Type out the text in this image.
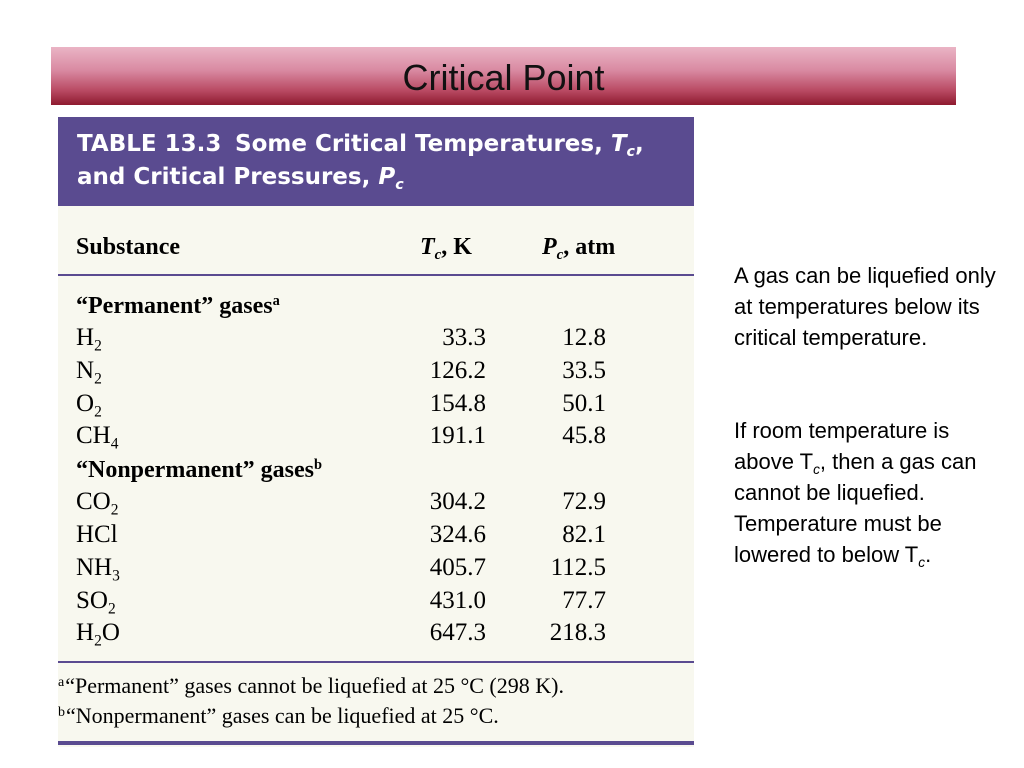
Critical Point
TABLE 13.3 Some Critical Temperatures, $T_c$,
and Critical Pressures, $P_c$
Substance	$T_c$, K	$P_c$, atm
“Permanent” gases$^a$
$H_2$	33.3	12.8
$N_2$	126.2	33.5
$O_2$	154.8	50.1
$CH_4$	191.1	45.8
“Nonpermanent” gases$^b$
$CO_2$	304.2	72.9
HCl	324.6	82.1
$NH_3$	405.7	112.5
$SO_2$	431.0	77.7
$H_2O$	647.3	218.3
$^a$“Permanent” gases cannot be liquefied at 25 °C (298 K).
$^b$“Nonpermanent” gases can be liquefied at 25 °C.
A gas can be liquefied only at temperatures below its critical temperature.
If room temperature is above $T_c$, then a gas can cannot be liquefied. Temperature must be lowered to below $T_c$.
